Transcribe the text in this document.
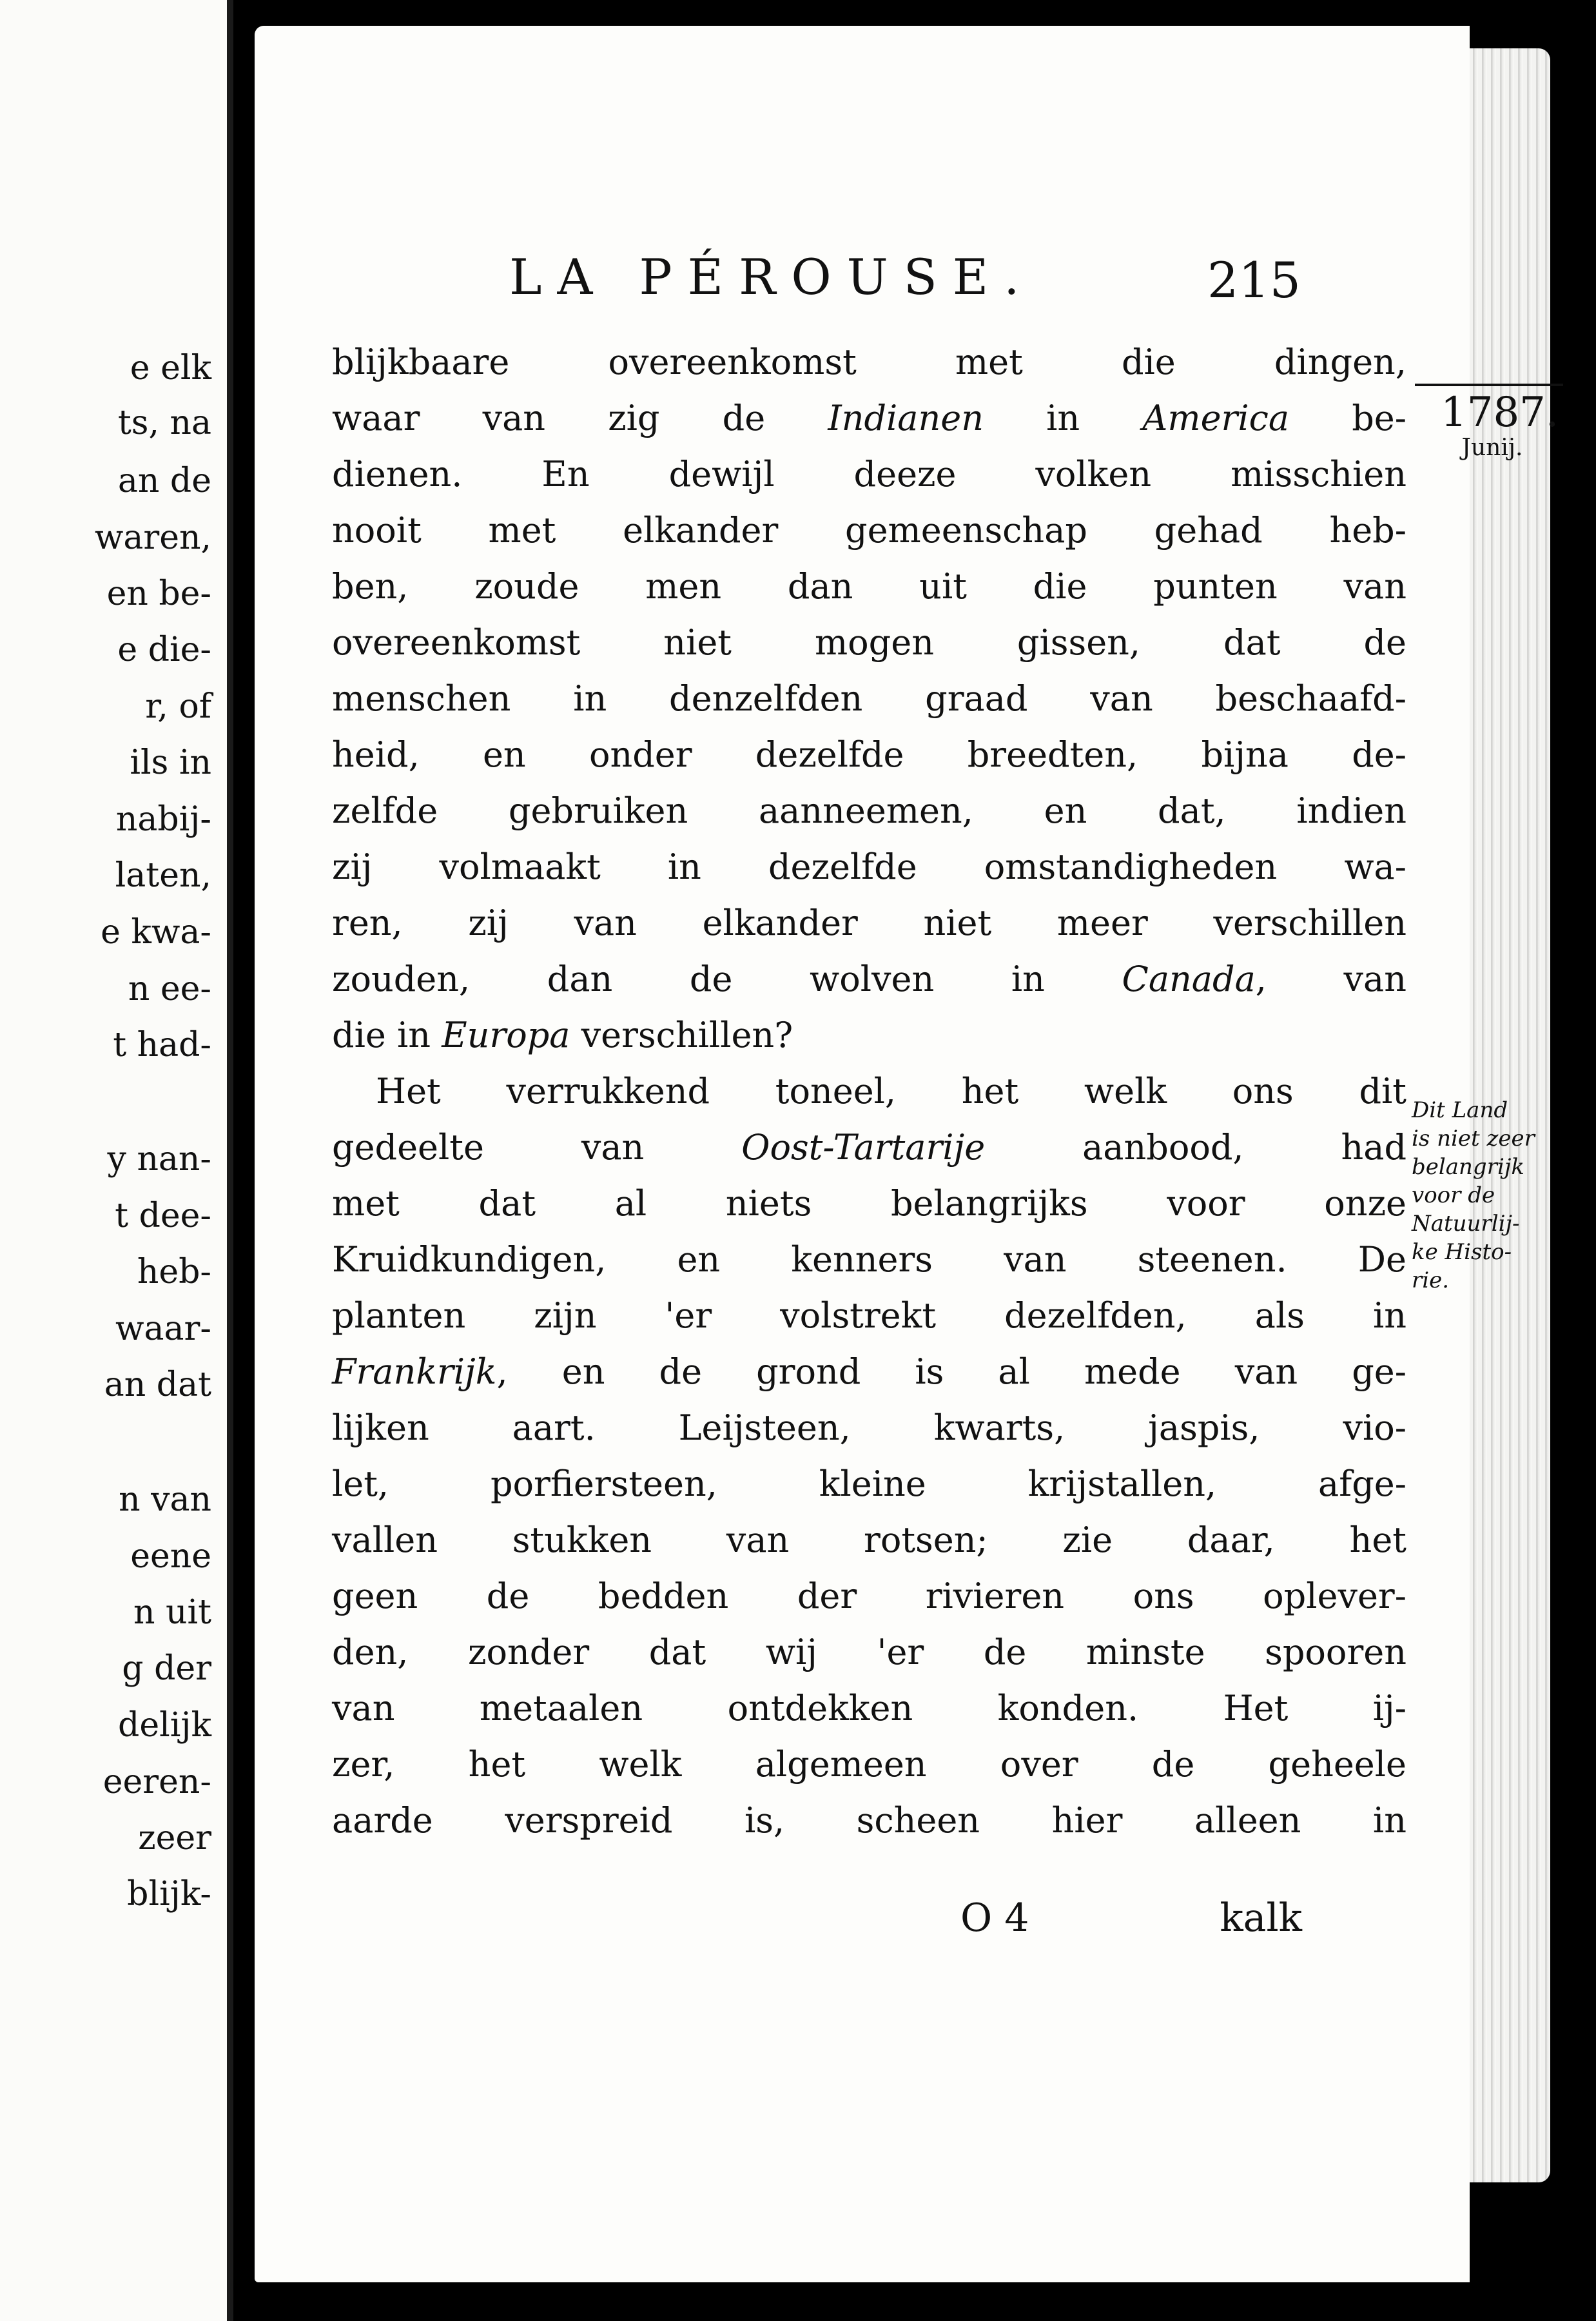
e elk
ts, na
an de
waren,
en be-
e die-
r, of
ils in
nabij-
laten,
e kwa-
n ee-
t had-
y nan-
t dee-
heb-
waar-
an dat
n van
eene
n uit
g der
delijk
eeren-
zeer
blijk-
LA PÉROUSE.	215
1787.
Junij.
blijkbaare overeenkomst met die dingen,
waar van zig de Indianen in America be-
dienen. En dewijl deeze volken misschien
nooit met elkander gemeenschap gehad heb-
ben, zoude men dan uit die punten van
overeenkomst niet mogen gissen, dat de
menschen in denzelfden graad van beschaafd-
heid, en onder dezelfde breedten, bijna de-
zelfde gebruiken aanneemen, en dat, indien
zij volmaakt in dezelfde omstandigheden wa-
ren, zij van elkander niet meer verschillen
zouden, dan de wolven in Canada, van
die in Europa verschillen?
Het verrukkend toneel, het welk ons dit
gedeelte van Oost-Tartarije aanbood, had
met dat al niets belangrijks voor onze
Kruidkundigen, en kenners van steenen. De
planten zijn 'er volstrekt dezelfden, als in
Frankrijk, en de grond is al mede van ge-
lijken aart. Leijsteen, kwarts, jaspis, vio-
let, porfiersteen, kleine krijstallen, afge-
vallen stukken van rotsen; zie daar, het
geen de bedden der rivieren ons oplever-
den, zonder dat wij 'er de minste spooren
van metaalen ontdekken konden. Het ij-
zer, het welk algemeen over de geheele
aarde verspreid is, scheen hier alleen in
Dit Land
is niet zeer
belangrijk
voor de
Natuurlij-
ke Histo-
rie.
O 4	kalk
